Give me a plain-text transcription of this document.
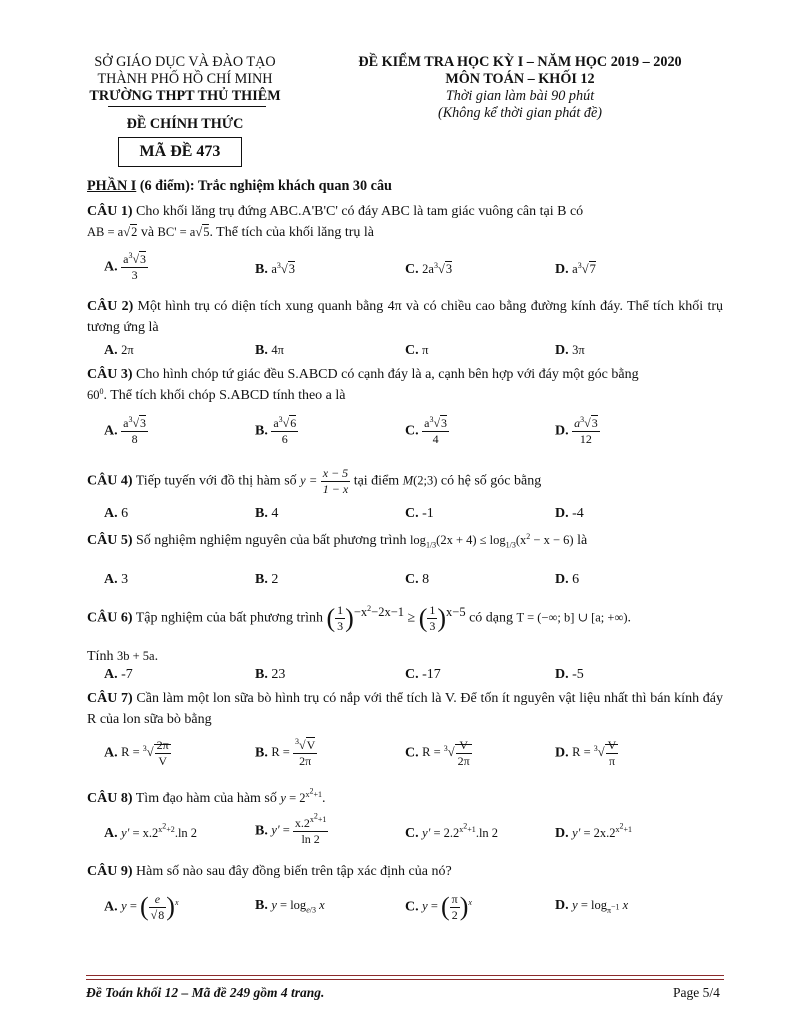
SỞ GIÁO DỤC VÀ ĐÀO TẠO
THÀNH PHỐ HỒ CHÍ MINH
TRƯỜNG THPT THỦ THIÊM
ĐỀ CHÍNH THỨC
MÃ ĐỀ 473
ĐỀ KIỂM TRA HỌC KỲ I – NĂM HỌC 2019 – 2020
MÔN TOÁN – KHỐI 12
Thời gian làm bài 90 phút
(Không kể thời gian phát đề)
PHẦN I (6 điểm): Trắc nghiệm khách quan 30 câu
CÂU 1) Cho khối lăng trụ đứng ABC.A'B'C' có đáy ABC là tam giác vuông cân tại B có
AB = a√2 và BC' = a√5. Thể tích của khối lăng trụ là
A. $\frac{a^3√3}{3}$	B. $a^3√3$	C. $2a^3√3$	D. $a^3√7$
CÂU 2) Một hình trụ có diện tích xung quanh bằng 4π và có chiều cao bằng đường kính đáy. Thể tích khối trụ tương ứng là
A. 2π	B. 4π	C. π	D. 3π
CÂU 3) Cho hình chóp tứ giác đều S.ABCD có cạnh đáy là a, cạnh bên hợp với đáy một góc bằng
$60^0$. Thể tích khối chóp S.ABCD tính theo a là
A. $\frac{a^3√3}{8}$	B. $\frac{a^3√6}{6}$	C. $\frac{a^3√3}{4}$	D. $\frac{a^3√3}{12}$
CÂU 4) Tiếp tuyến với đồ thị hàm số $y = \frac{x - 5}{1 - x}$ tại điểm M(2;3) có hệ số góc bằng
A. 6	B. 4	C. -1	D. -4
CÂU 5) Số nghiệm nghiệm nguyên của bất phương trình $\log_{1/3}(2x + 4) \le \log_{1/3}(x^2 - x - 6)$ là
A. 3	B. 2	C. 8	D. 6
CÂU 6) Tập nghiệm của bất phương trình ( $\frac{1}{3} )^{-x^2-2x-1}$ ≥ ( $\frac{1}{3} )^{x-5}$ có dạng T = (−∞; b] ∪ [a; +∞).
Tính 3b + 5a.
A. -7	B. 23	C. -17	D. -5
CÂU 7) Cần làm một lon sữa bò hình trụ có nắp với thể tích là V. Để tốn ít nguyên vật liệu nhất thì bán kính đáy R của lon sữa bò bằng
A. $R = ^3√ \frac{2\pi}{V}$	B. $R = \frac{^3√V}{2\pi}$	C. $R = ^3√ \frac{V}{2\pi}$	D. $R = ^3√ \frac{V}{\pi}$
CÂU 8) Tìm đạo hàm của hàm số $y = 2^{x^2+1}$.
A. $y' = x.2^{x^2+2}.\ln$ 2	B. $y' = \frac{x.2^{x^2+1}}{\ln 2}$	C. $y' = 2.2^{x^2+1}.\ln$ 2	D. $y' = 2x.2^{x^2+1}$
CÂU 9) Hàm số nào sau đây đồng biến trên tập xác định của nó?
A. y = ( $\frac{e}{√8} )^x$	B. $y = \log_{e/3} x$	C. y = ( $\frac{\pi}{2} )^x$	D. $y = \log_{\pi^{-1}} x$
Đề Toán khối 12 – Mã đề 249 gồm 4 trang.	Page 5/4
